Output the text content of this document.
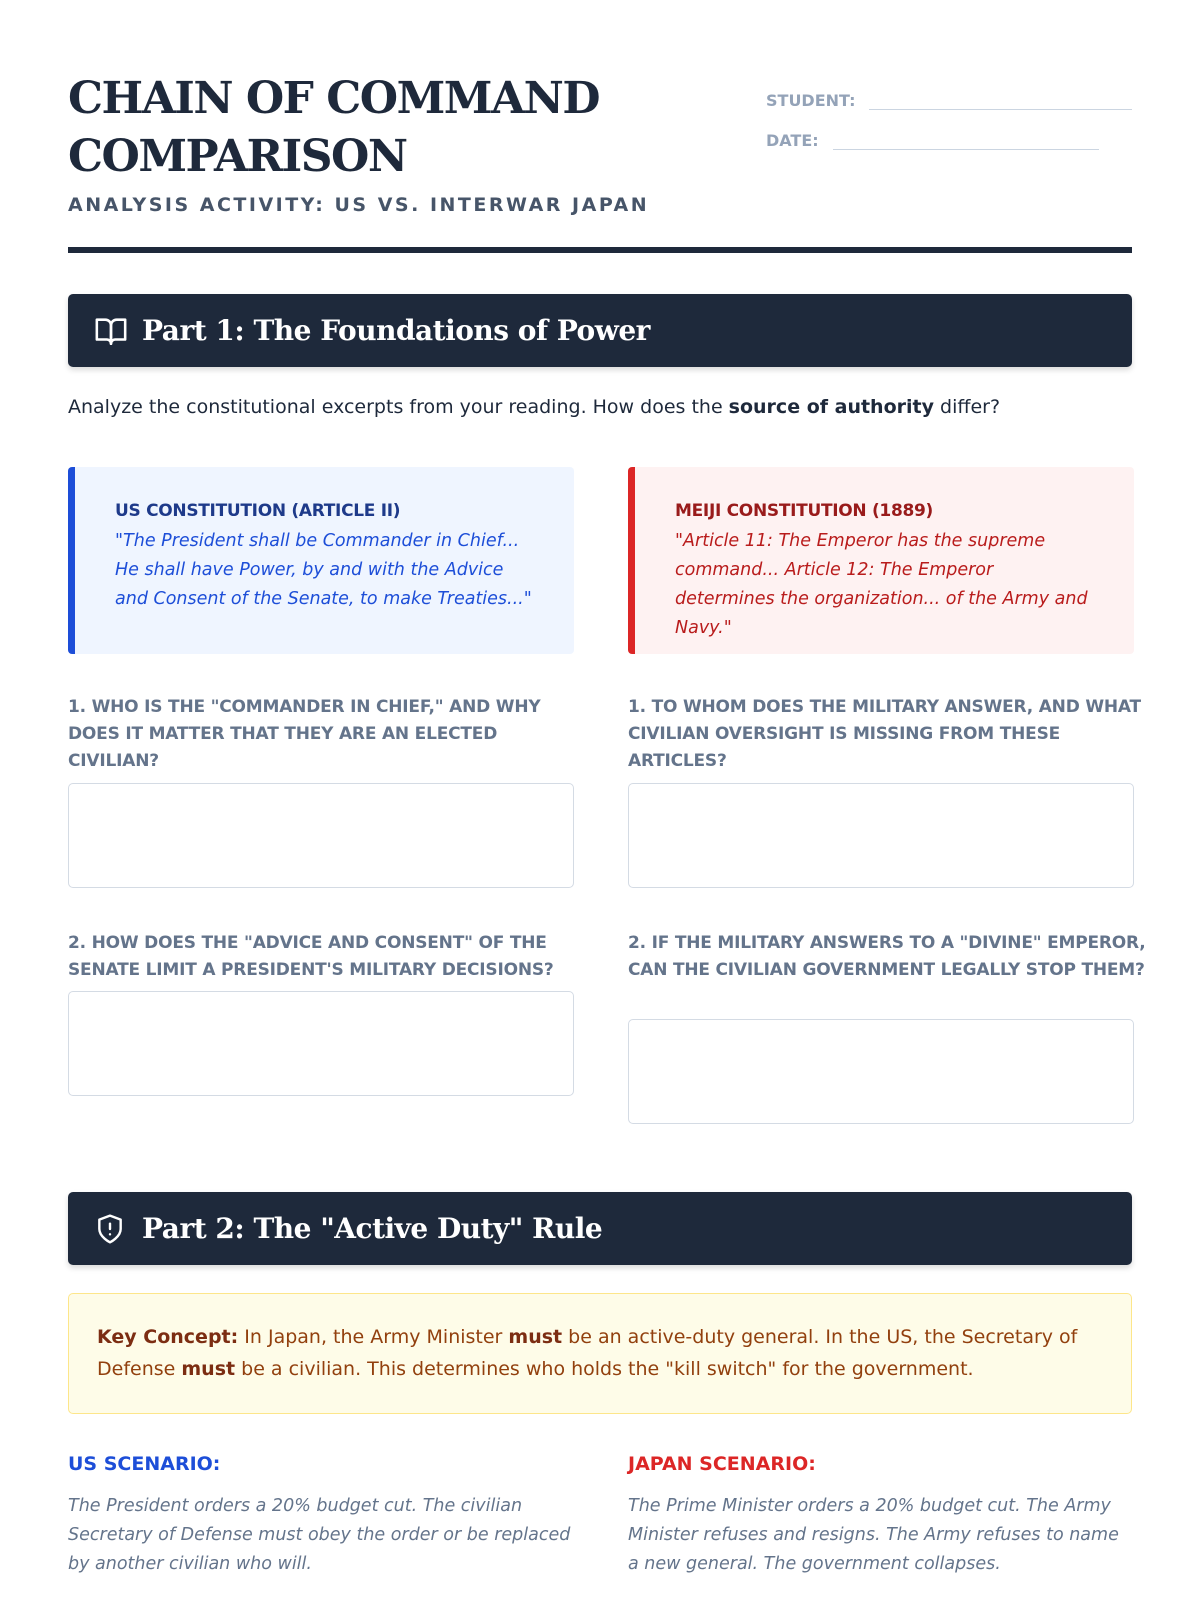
CHAIN OF COMMAND COMPARISON
ANALYSIS ACTIVITY: US VS. INTERWAR JAPAN
STUDENT:
DATE:
Part 1: The Foundations of Power
Analyze the constitutional excerpts from your reading. How does the source of authority differ?
US CONSTITUTION (ARTICLE II)
"The President shall be Commander in Chief... He shall have Power, by and with the Advice and Consent of the Senate, to make Treaties..."
MEIJI CONSTITUTION (1889)
"Article 11: The Emperor has the supreme command... Article 12: The Emperor determines the organization... of the Army and Navy."
1. WHO IS THE "COMMANDER IN CHIEF," AND WHY DOES IT MATTER THAT THEY ARE AN ELECTED CIVILIAN?
2. HOW DOES THE "ADVICE AND CONSENT" OF THE SENATE LIMIT A PRESIDENT'S MILITARY DECISIONS?
1. TO WHOM DOES THE MILITARY ANSWER, AND WHAT CIVILIAN OVERSIGHT IS MISSING FROM THESE ARTICLES?
2. IF THE MILITARY ANSWERS TO A "DIVINE" EMPEROR, CAN THE CIVILIAN GOVERNMENT LEGALLY STOP THEM?
Part 2: The "Active Duty" Rule
Key Concept: In Japan, the Army Minister must be an active-duty general. In the US, the Secretary of Defense must be a civilian. This determines who holds the "kill switch" for the government.
US SCENARIO:
The President orders a 20% budget cut. The civilian Secretary of Defense must obey the order or be replaced by another civilian who will.
JAPAN SCENARIO:
The Prime Minister orders a 20% budget cut. The Army Minister refuses and resigns. The Army refuses to name a new general. The government collapses.
